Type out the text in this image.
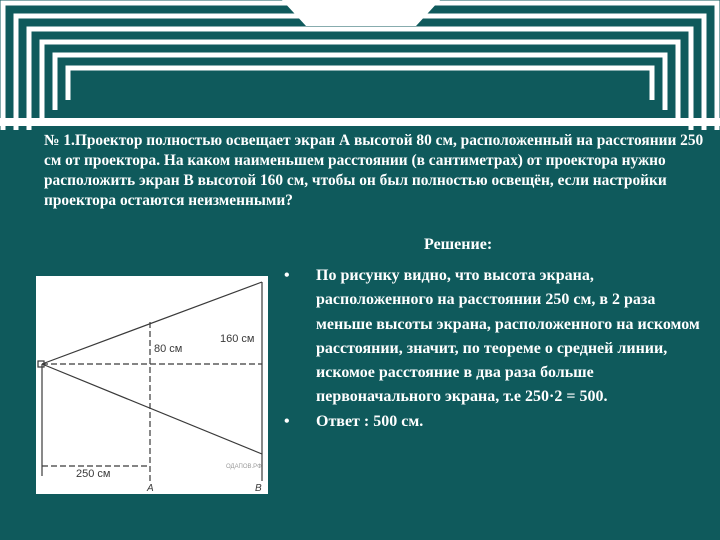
№ 1.Проектор полностью освещает экран А высотой 80 см, расположенный на расстоянии 250 см от проектора. На каком наименьшем расстоянии (в сантиметрах) от проектора нужно расположить экран В высотой 160 см, чтобы он был полностью освещён, если настройки проектора остаются неизменными?

Решение:

•	По рисунку видно, что высота экрана, расположенного на расстоянии 250 см, в 2 раза меньше высоты экрана, расположенного на искомом расстоянии, значит, по теореме о средней линии, искомое расстояние в два раза больше первоначального экрана, т.е 250·2 = 500.
•	Ответ : 500 см.
80 см
160 см
250 см
A	B
ОДАПОВ.РФ
